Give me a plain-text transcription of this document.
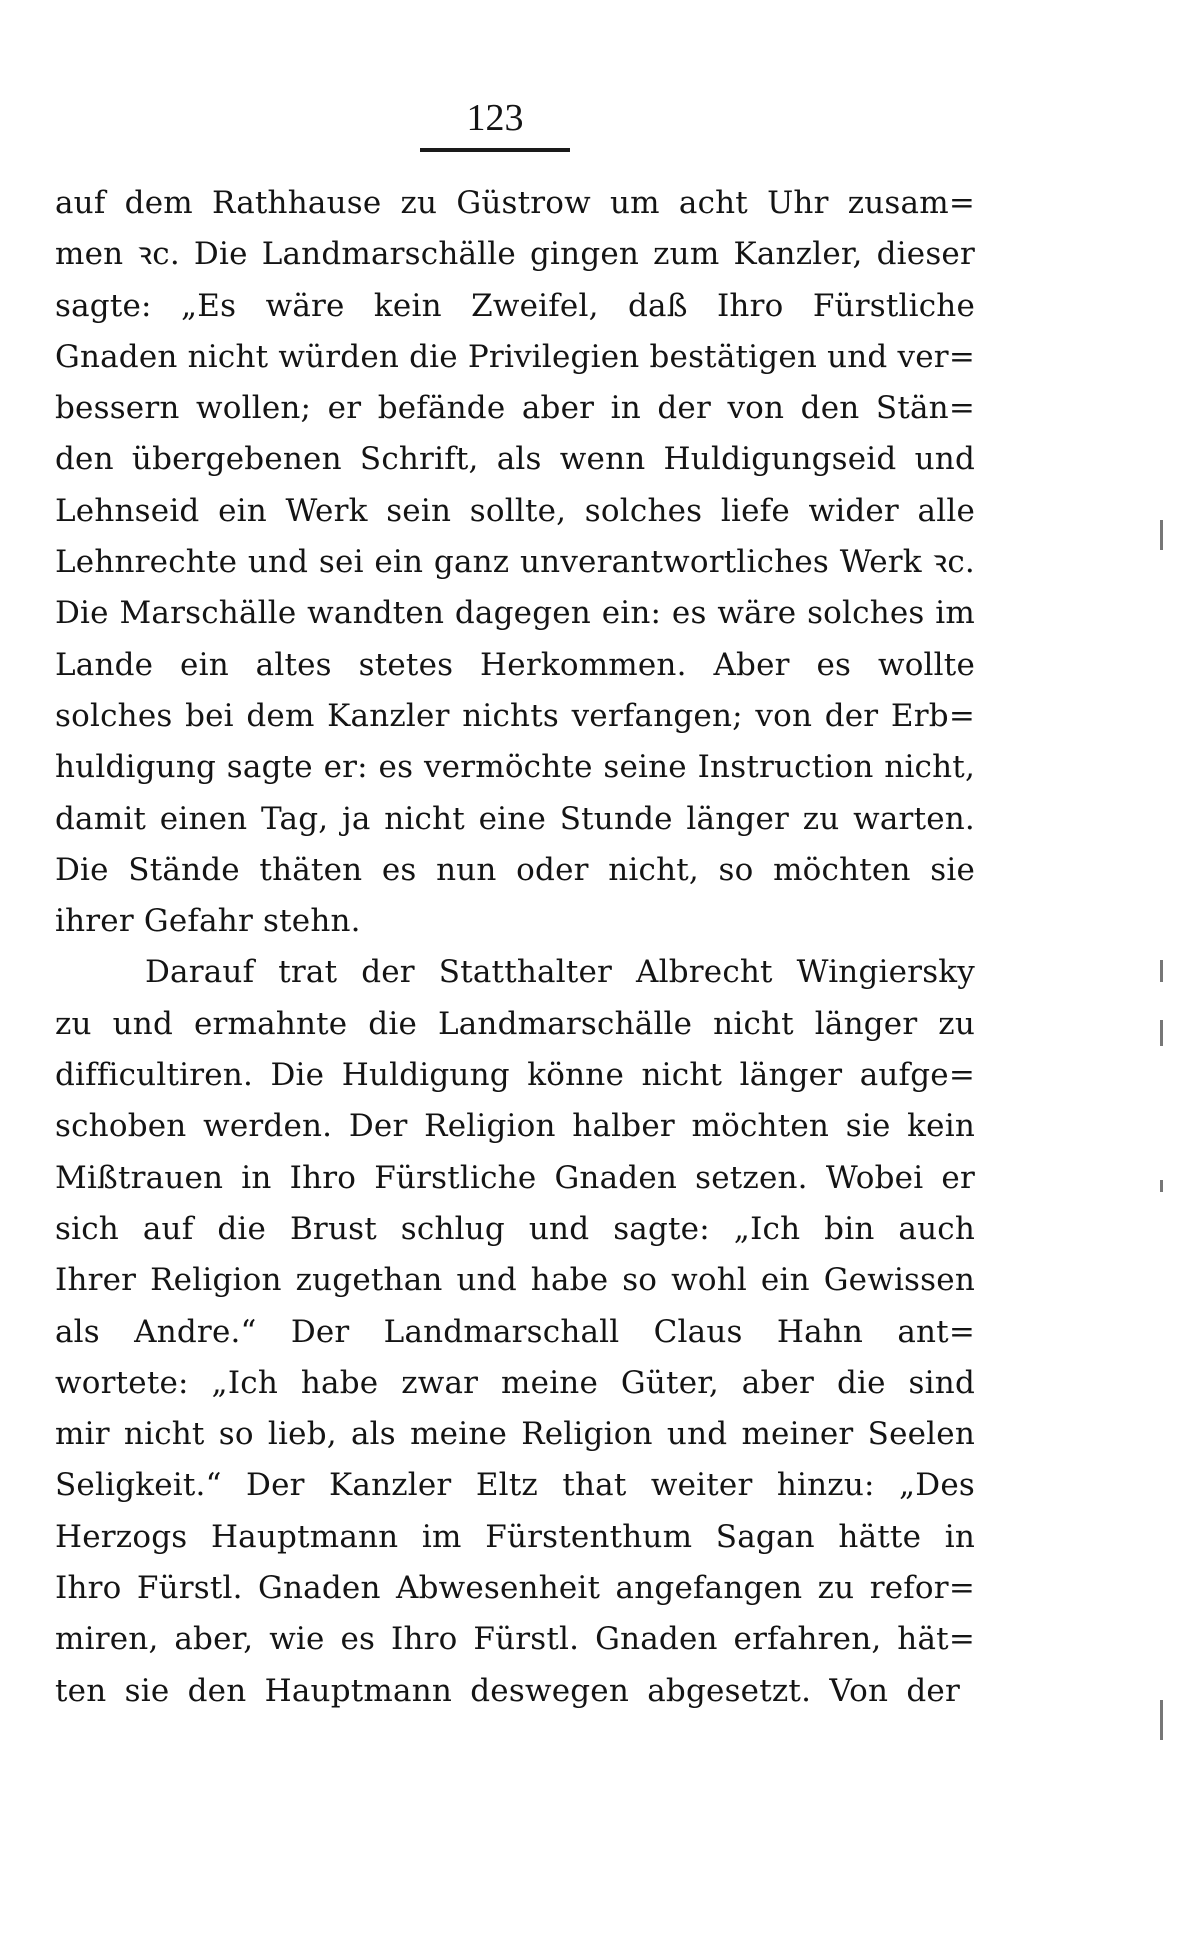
123
auf dem Rathhause zu Güstrow um acht Uhr zusam=
men ꝛc. Die Landmarschälle gingen zum Kanzler, dieser
sagte: „Es wäre kein Zweifel, daß Ihro Fürstliche
Gnaden nicht würden die Privilegien bestätigen und ver=
bessern wollen; er befände aber in der von den Stän=
den übergebenen Schrift, als wenn Huldigungseid und
Lehnseid ein Werk sein sollte, solches liefe wider alle
Lehnrechte und sei ein ganz unverantwortliches Werk ꝛc.
Die Marschälle wandten dagegen ein: es wäre solches im
Lande ein altes stetes Herkommen. Aber es wollte
solches bei dem Kanzler nichts verfangen; von der Erb=
huldigung sagte er: es vermöchte seine Instruction nicht,
damit einen Tag, ja nicht eine Stunde länger zu warten.
Die Stände thäten es nun oder nicht, so möchten sie
ihrer Gefahr stehn.
Darauf trat der Statthalter Albrecht Wingiersky
zu und ermahnte die Landmarschälle nicht länger zu
difficultiren. Die Huldigung könne nicht länger aufge=
schoben werden. Der Religion halber möchten sie kein
Mißtrauen in Ihro Fürstliche Gnaden setzen. Wobei er
sich auf die Brust schlug und sagte: „Ich bin auch
Ihrer Religion zugethan und habe so wohl ein Gewissen
als Andre.“ Der Landmarschall Claus Hahn ant=
wortete: „Ich habe zwar meine Güter, aber die sind
mir nicht so lieb, als meine Religion und meiner Seelen
Seligkeit.“ Der Kanzler Eltz that weiter hinzu: „Des
Herzogs Hauptmann im Fürstenthum Sagan hätte in
Ihro Fürstl. Gnaden Abwesenheit angefangen zu refor=
miren, aber, wie es Ihro Fürstl. Gnaden erfahren, hät=
ten sie den Hauptmann deswegen abgesetzt. Von der
